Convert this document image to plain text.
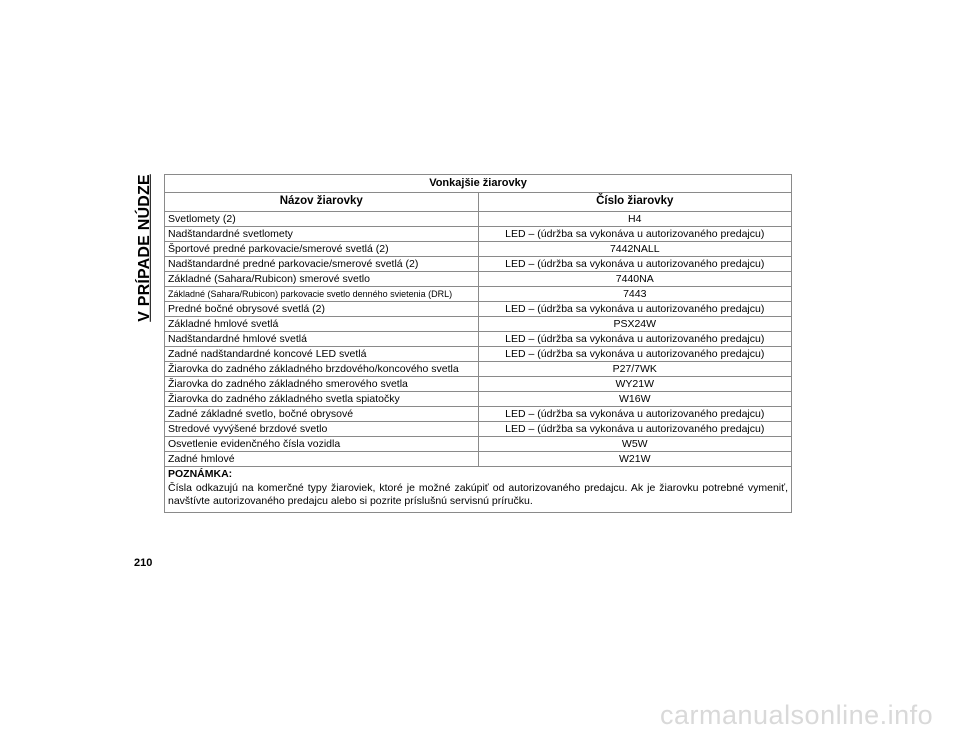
V PRÍPADE NÚDZE	Vonkajšie žiarovky	
Názov žiarovky	Číslo žiarovky
Svetlomety (2)	H4
Nadštandardné svetlomety	LED – (údržba sa vykonáva u autorizovaného predajcu)
Športové predné parkovacie/smerové svetlá (2)	7442NALL
Nadštandardné predné parkovacie/smerové svetlá (2)	LED – (údržba sa vykonáva u autorizovaného predajcu)
Základné (Sahara/Rubicon) smerové svetlo	7440NA
Základné (Sahara/Rubicon) parkovacie svetlo denného svietenia (DRL)	7443
Predné bočné obrysové svetlá (2)	LED – (údržba sa vykonáva u autorizovaného predajcu)
Základné hmlové svetlá	PSX24W
Nadštandardné hmlové svetlá	LED – (údržba sa vykonáva u autorizovaného predajcu)
Zadné nadštandardné koncové LED svetlá	LED – (údržba sa vykonáva u autorizovaného predajcu)
Žiarovka do zadného základného brzdového/koncového svetla	P27/7WK
Žiarovka do zadného základného smerového svetla	WY21W
Žiarovka do zadného základného svetla spiatočky	W16W
Zadné základné svetlo, bočné obrysové	LED – (údržba sa vykonáva u autorizovaného predajcu)
Stredové vyvýšené brzdové svetlo	LED – (údržba sa vykonáva u autorizovaného predajcu)
Osvetlenie evidenčného čísla vozidla	W5W
Zadné hmlové	W21W

POZNÁMKA:
Čísla odkazujú na komerčné typy žiaroviek, ktoré je možné zakúpiť od autorizovaného predajcu. Ak je žiarovku potrebné vymeniť, navštívte autorizovaného predajcu alebo si pozrite príslušnú servisnú príručku.	
210
carmanualsonline.info
